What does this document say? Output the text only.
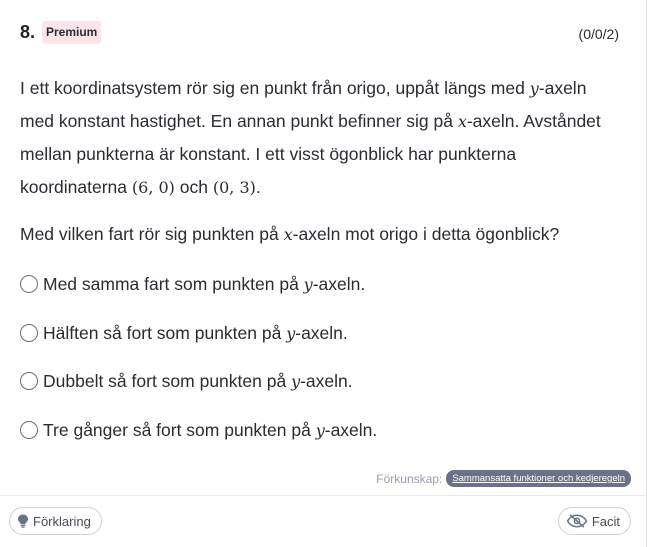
8. Premium	(0/0/2)
I ett koordinatsystem rör sig en punkt från origo, uppåt längs med y-axeln med konstant hastighet. En annan punkt befinner sig på x-axeln. Avståndet mellan punkterna är konstant. I ett visst ögonblick har punkterna koordinaterna (6, 0) och (0, 3).
Med vilken fart rör sig punkten på x-axeln mot origo i detta ögonblick?
Med samma fart som punkten på y-axeln.
Hälften så fort som punkten på y-axeln.
Dubbelt så fort som punkten på y-axeln.
Tre gånger så fort som punkten på y-axeln.
Förkunskap:	Sammansatta funktioner och kedjeregeln
Förklaring	Facit
